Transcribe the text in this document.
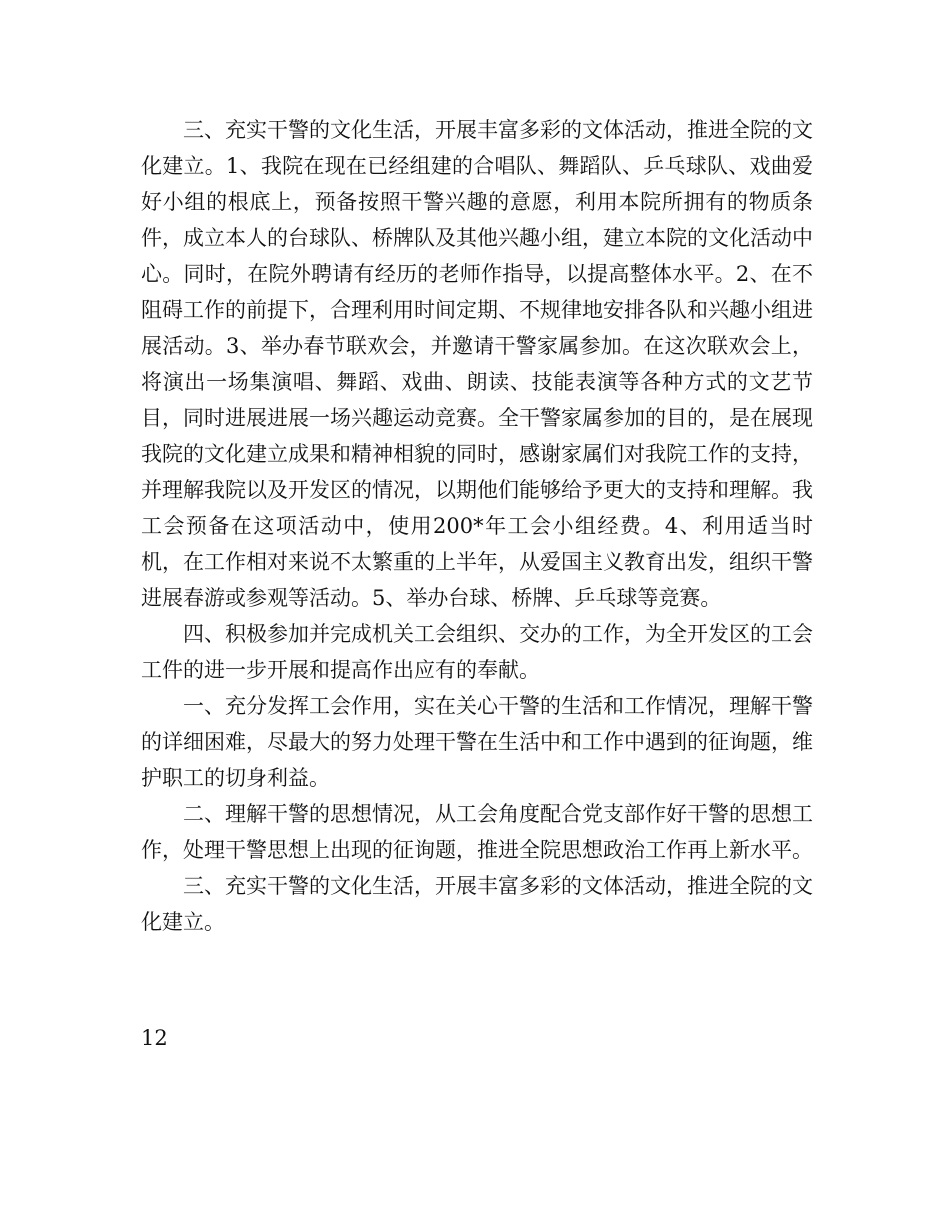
三、充实干警的文化生活，开展丰富多彩的文体活动，推进全院的文化建立。1、我院在现在已经组建的合唱队、舞蹈队、乒乓球队、戏曲爱好小组的根底上，预备按照干警兴趣的意愿，利用本院所拥有的物质条件，成立本人的台球队、桥牌队及其他兴趣小组，建立本院的文化活动中心。同时，在院外聘请有经历的老师作指导，以提高整体水平。2、在不阻碍工作的前提下，合理利用时间定期、不规律地安排各队和兴趣小组进展活动。3、举办春节联欢会，并邀请干警家属参加。在这次联欢会上，将演出一场集演唱、舞蹈、戏曲、朗读、技能表演等各种方式的文艺节目，同时进展进展一场兴趣运动竞赛。全干警家属参加的目的，是在展现我院的文化建立成果和精神相貌的同时，感谢家属们对我院工作的支持，并理解我院以及开发区的情况，以期他们能够给予更大的支持和理解。我工会预备在这项活动中，使用200*年工会小组经费。4、利用适当时机，在工作相对来说不太繁重的上半年，从爱国主义教育出发，组织干警进展春游或参观等活动。5、举办台球、桥牌、乒乓球等竞赛。

四、积极参加并完成机关工会组织、交办的工作，为全开发区的工会工件的进一步开展和提高作出应有的奉献。

一、充分发挥工会作用，实在关心干警的生活和工作情况，理解干警的详细困难，尽最大的努力处理干警在生活中和工作中遇到的征询题，维护职工的切身利益。

二、理解干警的思想情况，从工会角度配合党支部作好干警的思想工作，处理干警思想上出现的征询题，推进全院思想政治工作再上新水平。

三、充实干警的文化生活，开展丰富多彩的文体活动，推进全院的文化建立。

12
